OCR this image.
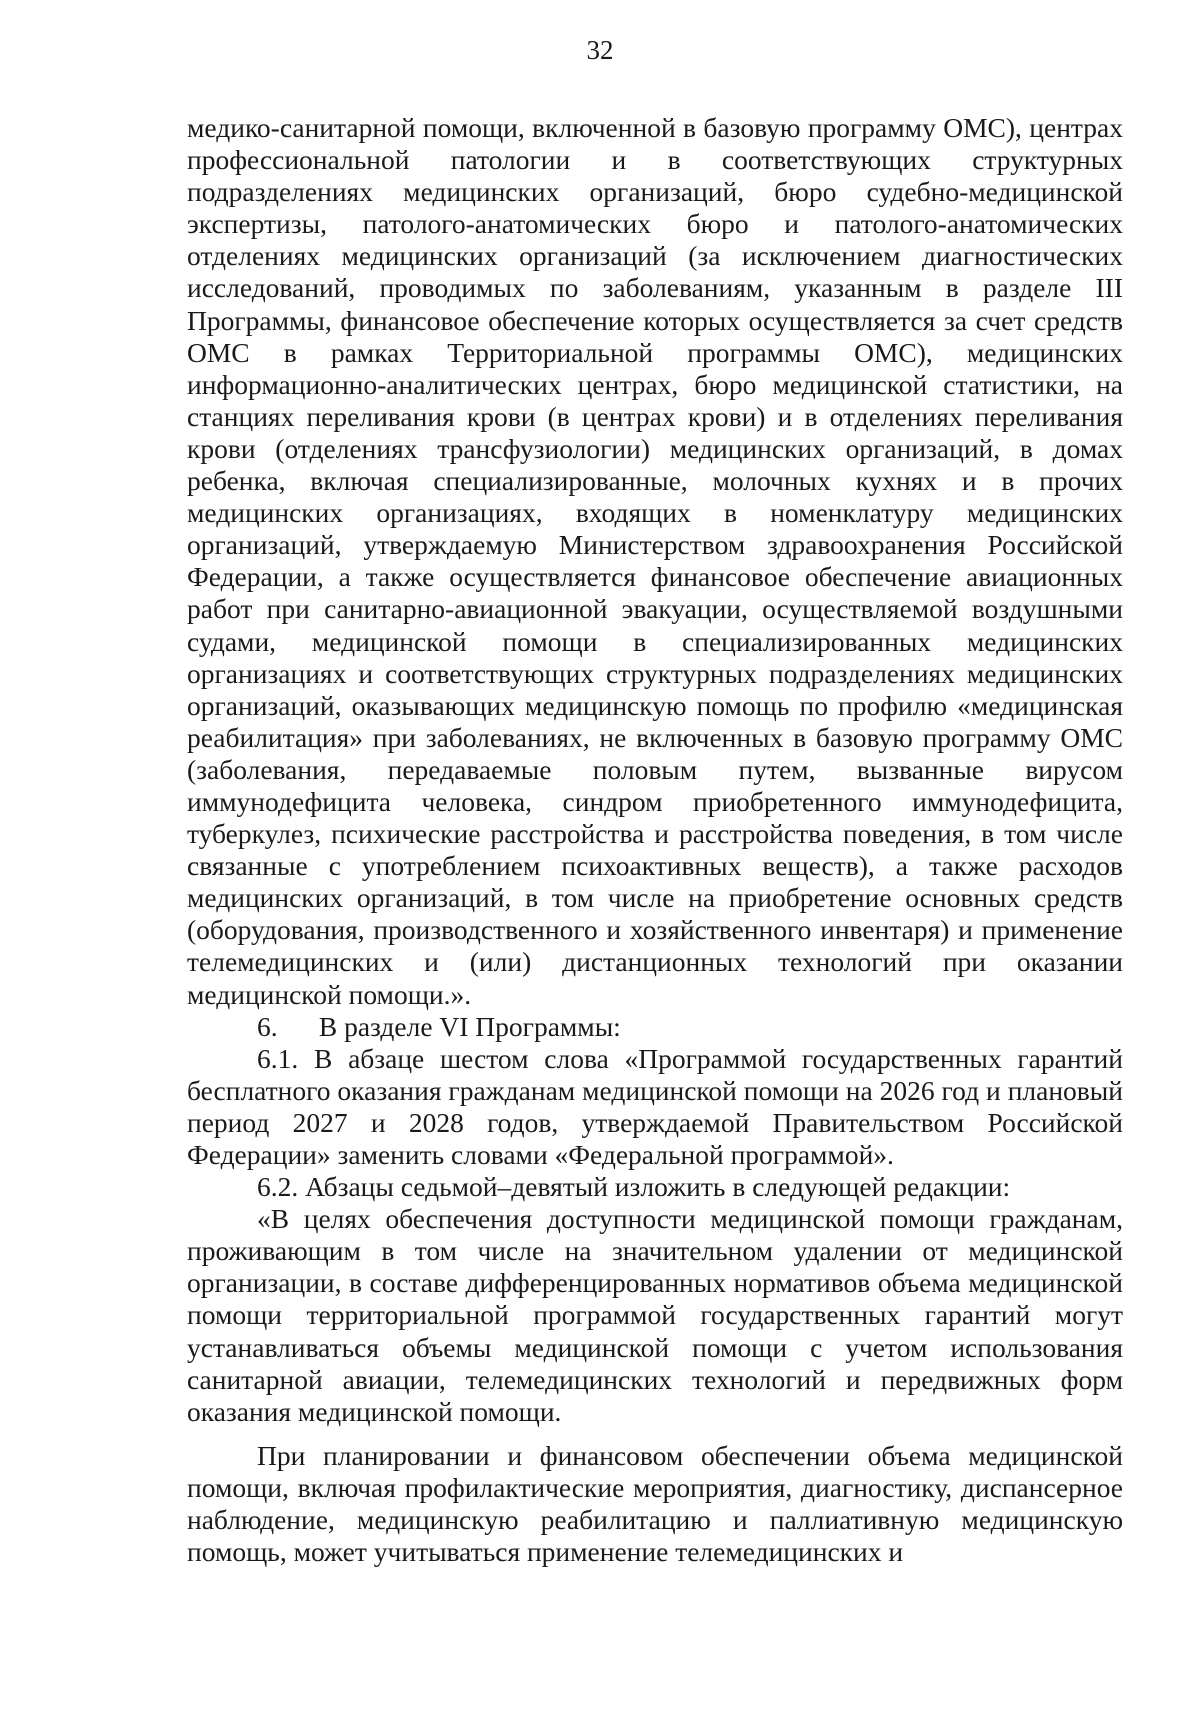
32

медико-санитарной помощи, включенной в базовую программу ОМС), центрах профессиональной патологии и в соответствующих структурных подразделениях медицинских организаций, бюро судебно-медицинской экспертизы, патолого-анатомических бюро и патолого-анатомических отделениях медицинских организаций (за исключением диагностических исследований, проводимых по заболеваниям, указанным в разделе III Программы, финансовое обеспечение которых осуществляется за счет средств ОМС в рамках Территориальной программы ОМС), медицинских информационно-аналитических центрах, бюро медицинской статистики, на станциях переливания крови (в центрах крови) и в отделениях переливания крови (отделениях трансфузиологии) медицинских организаций, в домах ребенка, включая специализированные, молочных кухнях и в прочих медицинских организациях, входящих в номенклатуру медицинских организаций, утверждаемую Министерством здравоохранения Российской Федерации, а также осуществляется финансовое обеспечение авиационных работ при санитарно-авиационной эвакуации, осуществляемой воздушными судами, медицинской помощи в специализированных медицинских организациях и соответствующих структурных подразделениях медицинских организаций, оказывающих медицинскую помощь по профилю «медицинская реабилитация» при заболеваниях, не включенных в базовую программу ОМС (заболевания, передаваемые половым путем, вызванные вирусом иммунодефицита человека, синдром приобретенного иммунодефицита, туберкулез, психические расстройства и расстройства поведения, в том числе связанные с употреблением психоактивных веществ), а также расходов медицинских организаций, в том числе на приобретение основных средств (оборудования, производственного и хозяйственного инвентаря) и применение телемедицинских и (или) дистанционных технологий при оказании медицинской помощи.».

6.      В разделе VI Программы:

6.1. В абзаце шестом слова «Программой государственных гарантий бесплатного оказания гражданам медицинской помощи на 2026 год и плановый период 2027 и 2028 годов, утверждаемой Правительством Российской Федерации» заменить словами «Федеральной программой».

6.2. Абзацы седьмой–девятый изложить в следующей редакции:

«В целях обеспечения доступности медицинской помощи гражданам, проживающим в том числе на значительном удалении от медицинской организации, в составе дифференцированных нормативов объема медицинской помощи территориальной программой государственных гарантий могут устанавливаться объемы медицинской помощи с учетом использования санитарной авиации, телемедицинских технологий и передвижных форм оказания медицинской помощи.

При планировании и финансовом обеспечении объема медицинской помощи, включая профилактические мероприятия, диагностику, диспансерное наблюдение, медицинскую реабилитацию и паллиативную медицинскую помощь, может учитываться применение телемедицинских и
